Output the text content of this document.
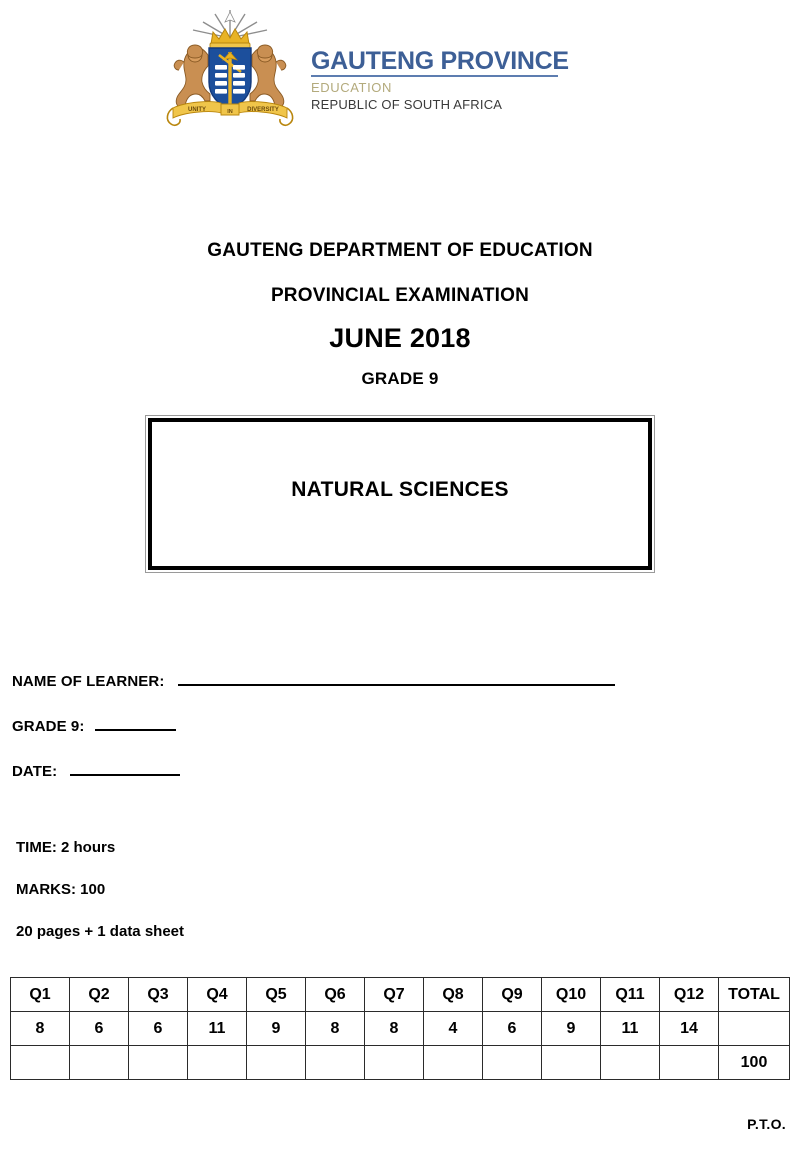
UNITY	IN DIVERSITY
GAUTENG PROVINCE
EDUCATION
REPUBLIC OF SOUTH AFRICA
GAUTENG DEPARTMENT OF EDUCATION
PROVINCIAL EXAMINATION
JUNE 2018
GRADE 9
NATURAL SCIENCES
NAME OF LEARNER:
GRADE 9:
DATE:
TIME: 2 hours
MARKS: 100
20 pages + 1 data sheet
Q1	Q2	Q3	Q4	Q5	Q6	Q7	Q8	Q9	Q10	Q11	Q12	TOTAL
8	6	6	11	9	8	8	4	6	9	11	14	
												100
P.T.O.
